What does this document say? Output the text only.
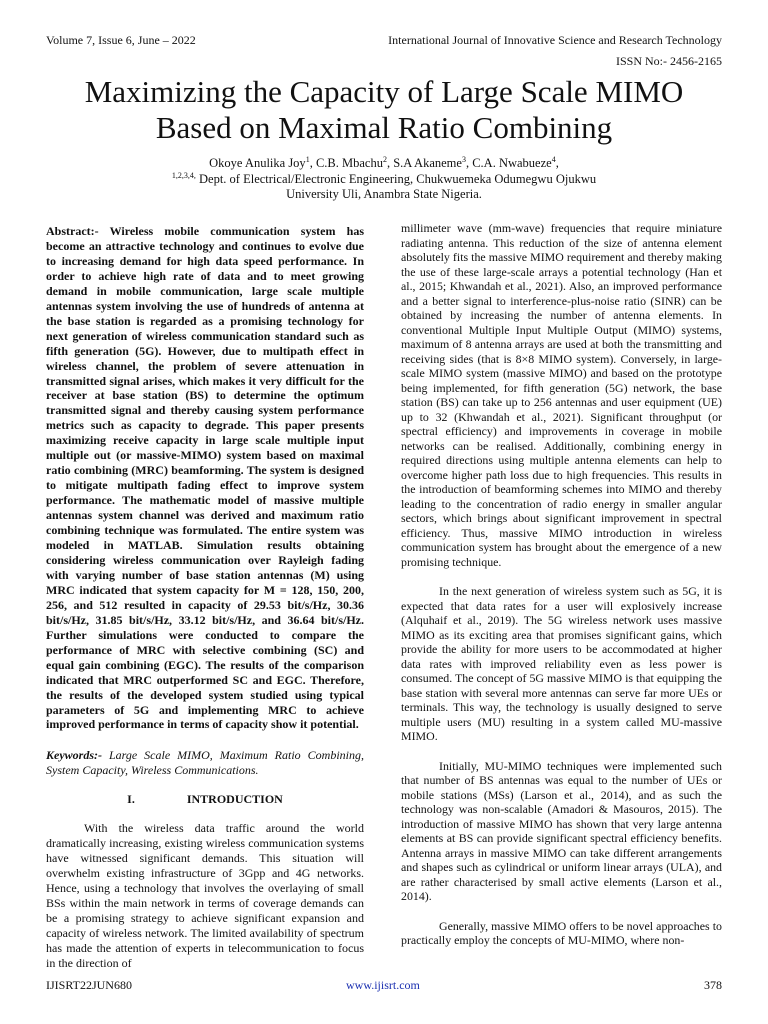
Volume 7, Issue 6, June – 2022	International Journal of Innovative Science and Research Technology
ISSN No:- 2456-2165
Maximizing the Capacity of Large Scale MIMO
Based on Maximal Ratio Combining
Okoye Anulika Joy$^1$, C.B. Mbachu$^2$, S.A Akaneme$^3$, C.A. Nwabueze$^4$,
$^{1,2,3,4,}$ Dept. of Electrical/Electronic Engineering, Chukwuemeka Odumegwu Ojukwu
University Uli, Anambra State Nigeria.

Abstract:- Wireless mobile communication system has become an attractive technology and continues to evolve due to increasing demand for high data speed performance. In order to achieve high rate of data and to meet growing demand in mobile communication, large scale multiple antennas system involving the use of hundreds of antenna at the base station is regarded as a promising technology for next generation of wireless communication standard such as fifth generation (5G). However, due to multipath effect in wireless channel, the problem of severe attenuation in transmitted signal arises, which makes it very difficult for the receiver at base station (BS) to determine the optimum transmitted signal and thereby causing system performance metrics such as capacity to degrade. This paper presents maximizing receive capacity in large scale multiple input multiple out (or massive-MIMO) system based on maximal ratio combining (MRC) beamforming. The system is designed to mitigate multipath fading effect to improve system performance. The mathematic model of massive multiple antennas system channel was derived and maximum ratio combining technique was formulated. The entire system was modeled in MATLAB. Simulation results obtaining considering wireless communication over Rayleigh fading with varying number of base station antennas (M) using MRC indicated that system capacity for M = 128, 150, 200, 256, and 512 resulted in capacity of 29.53 bit/s/Hz, 30.36 bit/s/Hz, 31.85 bit/s/Hz, 33.12 bit/s/Hz, and 36.64 bit/s/Hz. Further simulations were conducted to compare the performance of MRC with selective combining (SC) and equal gain combining (EGC). The results of the comparison indicated that MRC outperformed SC and EGC. Therefore, the results of the developed system studied using typical parameters of 5G and implementing MRC to achieve improved performance in terms of capacity show it potential.

Keywords:- Large Scale MIMO, Maximum Ratio Combining, System Capacity, Wireless Communications.

I.	INTRODUCTION

With the wireless data traffic around the world dramatically increasing, existing wireless communication systems have witnessed significant demands. This situation will overwhelm existing infrastructure of 3Gpp and 4G networks. Hence, using a technology that involves the overlaying of small BSs within the main network in terms of coverage demands can be a promising strategy to achieve significant expansion and capacity of wireless network. The limited availability of spectrum has made the attention of experts in telecommunication to focus in the direction of

millimeter wave (mm-wave) frequencies that require miniature radiating antenna. This reduction of the size of antenna element absolutely fits the massive MIMO requirement and thereby making the use of these large-scale arrays a potential technology (Han et al., 2015; Khwandah et al., 2021). Also, an improved performance and a better signal to interference-plus-noise ratio (SINR) can be obtained by increasing the number of antenna elements. In conventional Multiple Input Multiple Output (MIMO) systems, maximum of 8 antenna arrays are used at both the transmitting and receiving sides (that is 8×8 MIMO system). Conversely, in large-scale MIMO system (massive MIMO) and based on the prototype being implemented, for fifth generation (5G) network, the base station (BS) can take up to 256 antennas and user equipment (UE) up to 32 (Khwandah et al., 2021). Significant throughput (or spectral efficiency) and improvements in coverage in mobile networks can be realised. Additionally, combining energy in required directions using multiple antenna elements can help to overcome higher path loss due to high frequencies. This results in the introduction of beamforming schemes into MIMO and thereby leading to the concentration of radio energy in smaller angular sectors, which brings about significant improvement in spectral efficiency. Thus, massive MIMO introduction in wireless communication system has brought about the emergence of a new promising technique.

In the next generation of wireless system such as 5G, it is expected that data rates for a user will explosively increase (Alquhaif et al., 2019). The 5G wireless network uses massive MIMO as its exciting area that promises significant gains, which provide the ability for more users to be accommodated at higher data rates with improved reliability even as less power is consumed. The concept of 5G massive MIMO is that equipping the base station with several more antennas can serve far more UEs or terminals. This way, the technology is usually designed to serve multiple users (MU) resulting in a system called MU-massive MIMO.

Initially, MU-MIMO techniques were implemented such that number of BS antennas was equal to the number of UEs or mobile stations (MSs) (Larson et al., 2014), and as such the technology was non-scalable (Amadori & Masouros, 2015). The introduction of massive MIMO has shown that very large antenna elements at BS can provide significant spectral efficiency benefits. Antenna arrays in massive MIMO can take different arrangements and shapes such as cylindrical or uniform linear arrays (ULA), and are rather characterised by small active elements (Larson et al., 2014).

Generally, massive MIMO offers to be novel approaches to practically employ the concepts of MU-MIMO, where non-

IJISRT22JUN680	www.ijisrt.com	378
